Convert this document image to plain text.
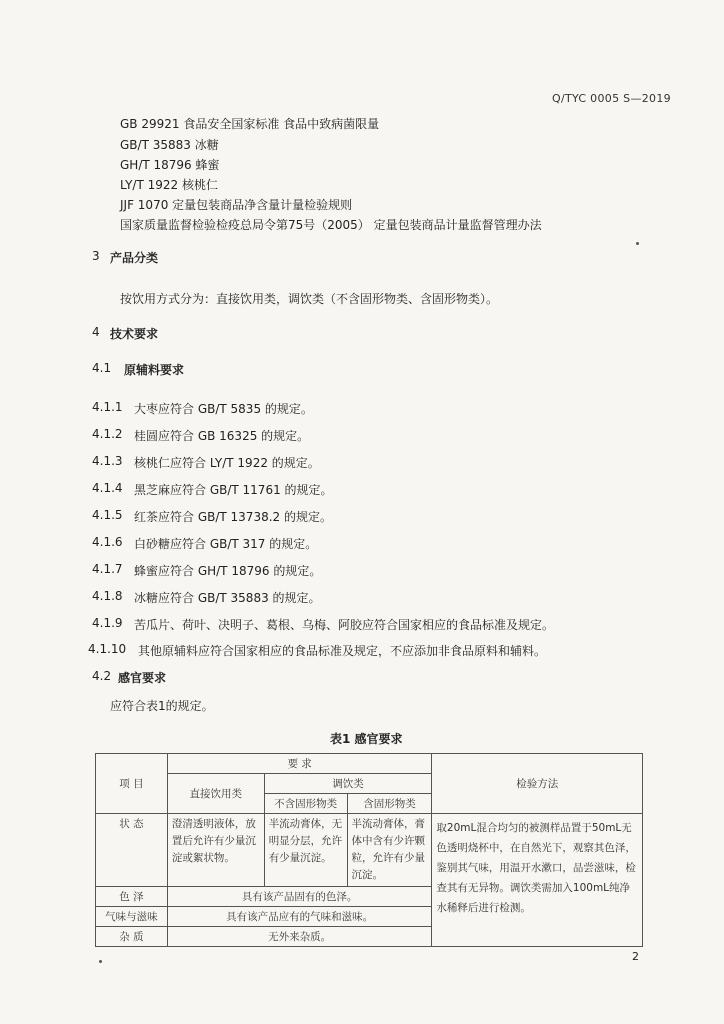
Q/TYC 0005 S—2019
GB 29921 食品安全国家标准 食品中致病菌限量
GB/T 35883 冰糖
GH/T 18796 蜂蜜
LY/T 1922 核桃仁
JJF 1070 定量包装商品净含量计量检验规则
国家质量监督检验检疫总局令第75号（2005） 定量包装商品计量监督管理办法
3 产品分类
按饮用方式分为：直接饮用类，调饮类（不含固形物类、含固形物类）。
4 技术要求
4.1 原辅料要求
4.1.1 大枣应符合 GB/T 5835 的规定。
4.1.2 桂圆应符合 GB 16325 的规定。
4.1.3 核桃仁应符合 LY/T 1922 的规定。
4.1.4 黑芝麻应符合 GB/T 11761 的规定。
4.1.5 红茶应符合 GB/T 13738.2 的规定。
4.1.6 白砂糖应符合 GB/T 317 的规定。
4.1.7 蜂蜜应符合 GH/T 18796 的规定。
4.1.8 冰糖应符合 GB/T 35883 的规定。
4.1.9 苦瓜片、荷叶、决明子、葛根、乌梅、阿胶应符合国家相应的食品标准及规定。
4.1.10 其他原辅料应符合国家相应的食品标准及规定，不应添加非食品原料和辅料。
4.2 感官要求
应符合表1的规定。
表1 感官要求
项 目	要 求			检验方法
	直接饮用类	调饮类		
		不含固形物类	含固形物类	
状 态	澄清透明液体，放置后允许有少量沉淀或絮状物。	半流动膏体，无明显分层，允许有少量沉淀。	半流动膏体，膏体中含有少许颗粒，允许有少量沉淀。	取20mL混合均匀的被测样品置于50mL无色透明烧杯中，在自然光下，观察其色泽，鉴别其气味，用温开水漱口，品尝滋味，检查其有无异物。调饮类需加入100mL纯净水稀释后进行检测。
色 泽	具有该产品固有的色泽。			
气味与滋味	具有该产品应有的气味和滋味。			
杂 质	无外来杂质。			
2
